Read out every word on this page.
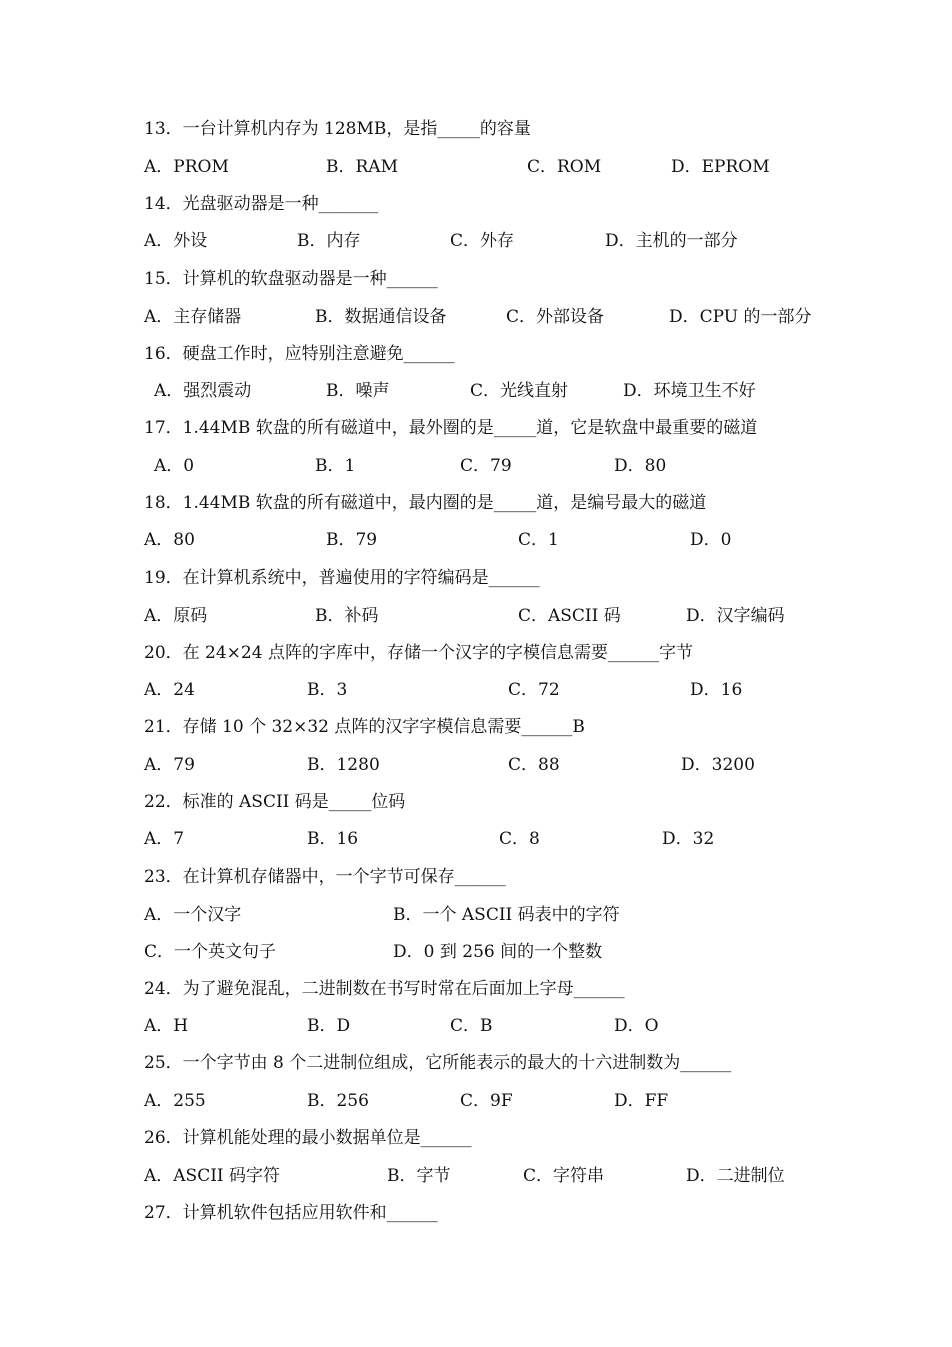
13．一台计算机内存为 128MB，是指_____的容量
A．PROM	B．RAM	C．ROM	D．EPROM
14．光盘驱动器是一种_______
A．外设	B．内存	C．外存	D．主机的一部分
15．计算机的软盘驱动器是一种______
A．主存储器	B．数据通信设备	C．外部设备	D．CPU 的一部分
16．硬盘工作时，应特别注意避免______
A．强烈震动	B．噪声	C．光线直射	D．环境卫生不好
17．1.44MB 软盘的所有磁道中，最外圈的是_____道，它是软盘中最重要的磁道
A．0	B．1	C．79	D．80
18．1.44MB 软盘的所有磁道中，最内圈的是_____道，是编号最大的磁道
A．80	B．79	C．1	D．0
19．在计算机系统中，普遍使用的字符编码是______
A．原码	B．补码	C．ASCII 码	D．汉字编码
20．在 24×24 点阵的字库中，存储一个汉字的字模信息需要______字节
A．24	B．3	C．72	D．16
21．存储 10 个 32×32 点阵的汉字字模信息需要______B
A．79	B．1280	C．88	D．3200
22．标准的 ASCII 码是_____位码
A．7	B．16	C．8	D．32
23．在计算机存储器中，一个字节可保存______
A．一个汉字	B．一个 ASCII 码表中的字符
C．一个英文句子	D．0 到 256 间的一个整数
24．为了避免混乱，二进制数在书写时常在后面加上字母______
A．H	B．D	C．B	D．O
25．一个字节由 8 个二进制位组成，它所能表示的最大的十六进制数为______
A．255	B．256	C．9F	D．FF
26．计算机能处理的最小数据单位是______
A．ASCII 码字符	B．字节	C．字符串	D．二进制位
27．计算机软件包括应用软件和______
